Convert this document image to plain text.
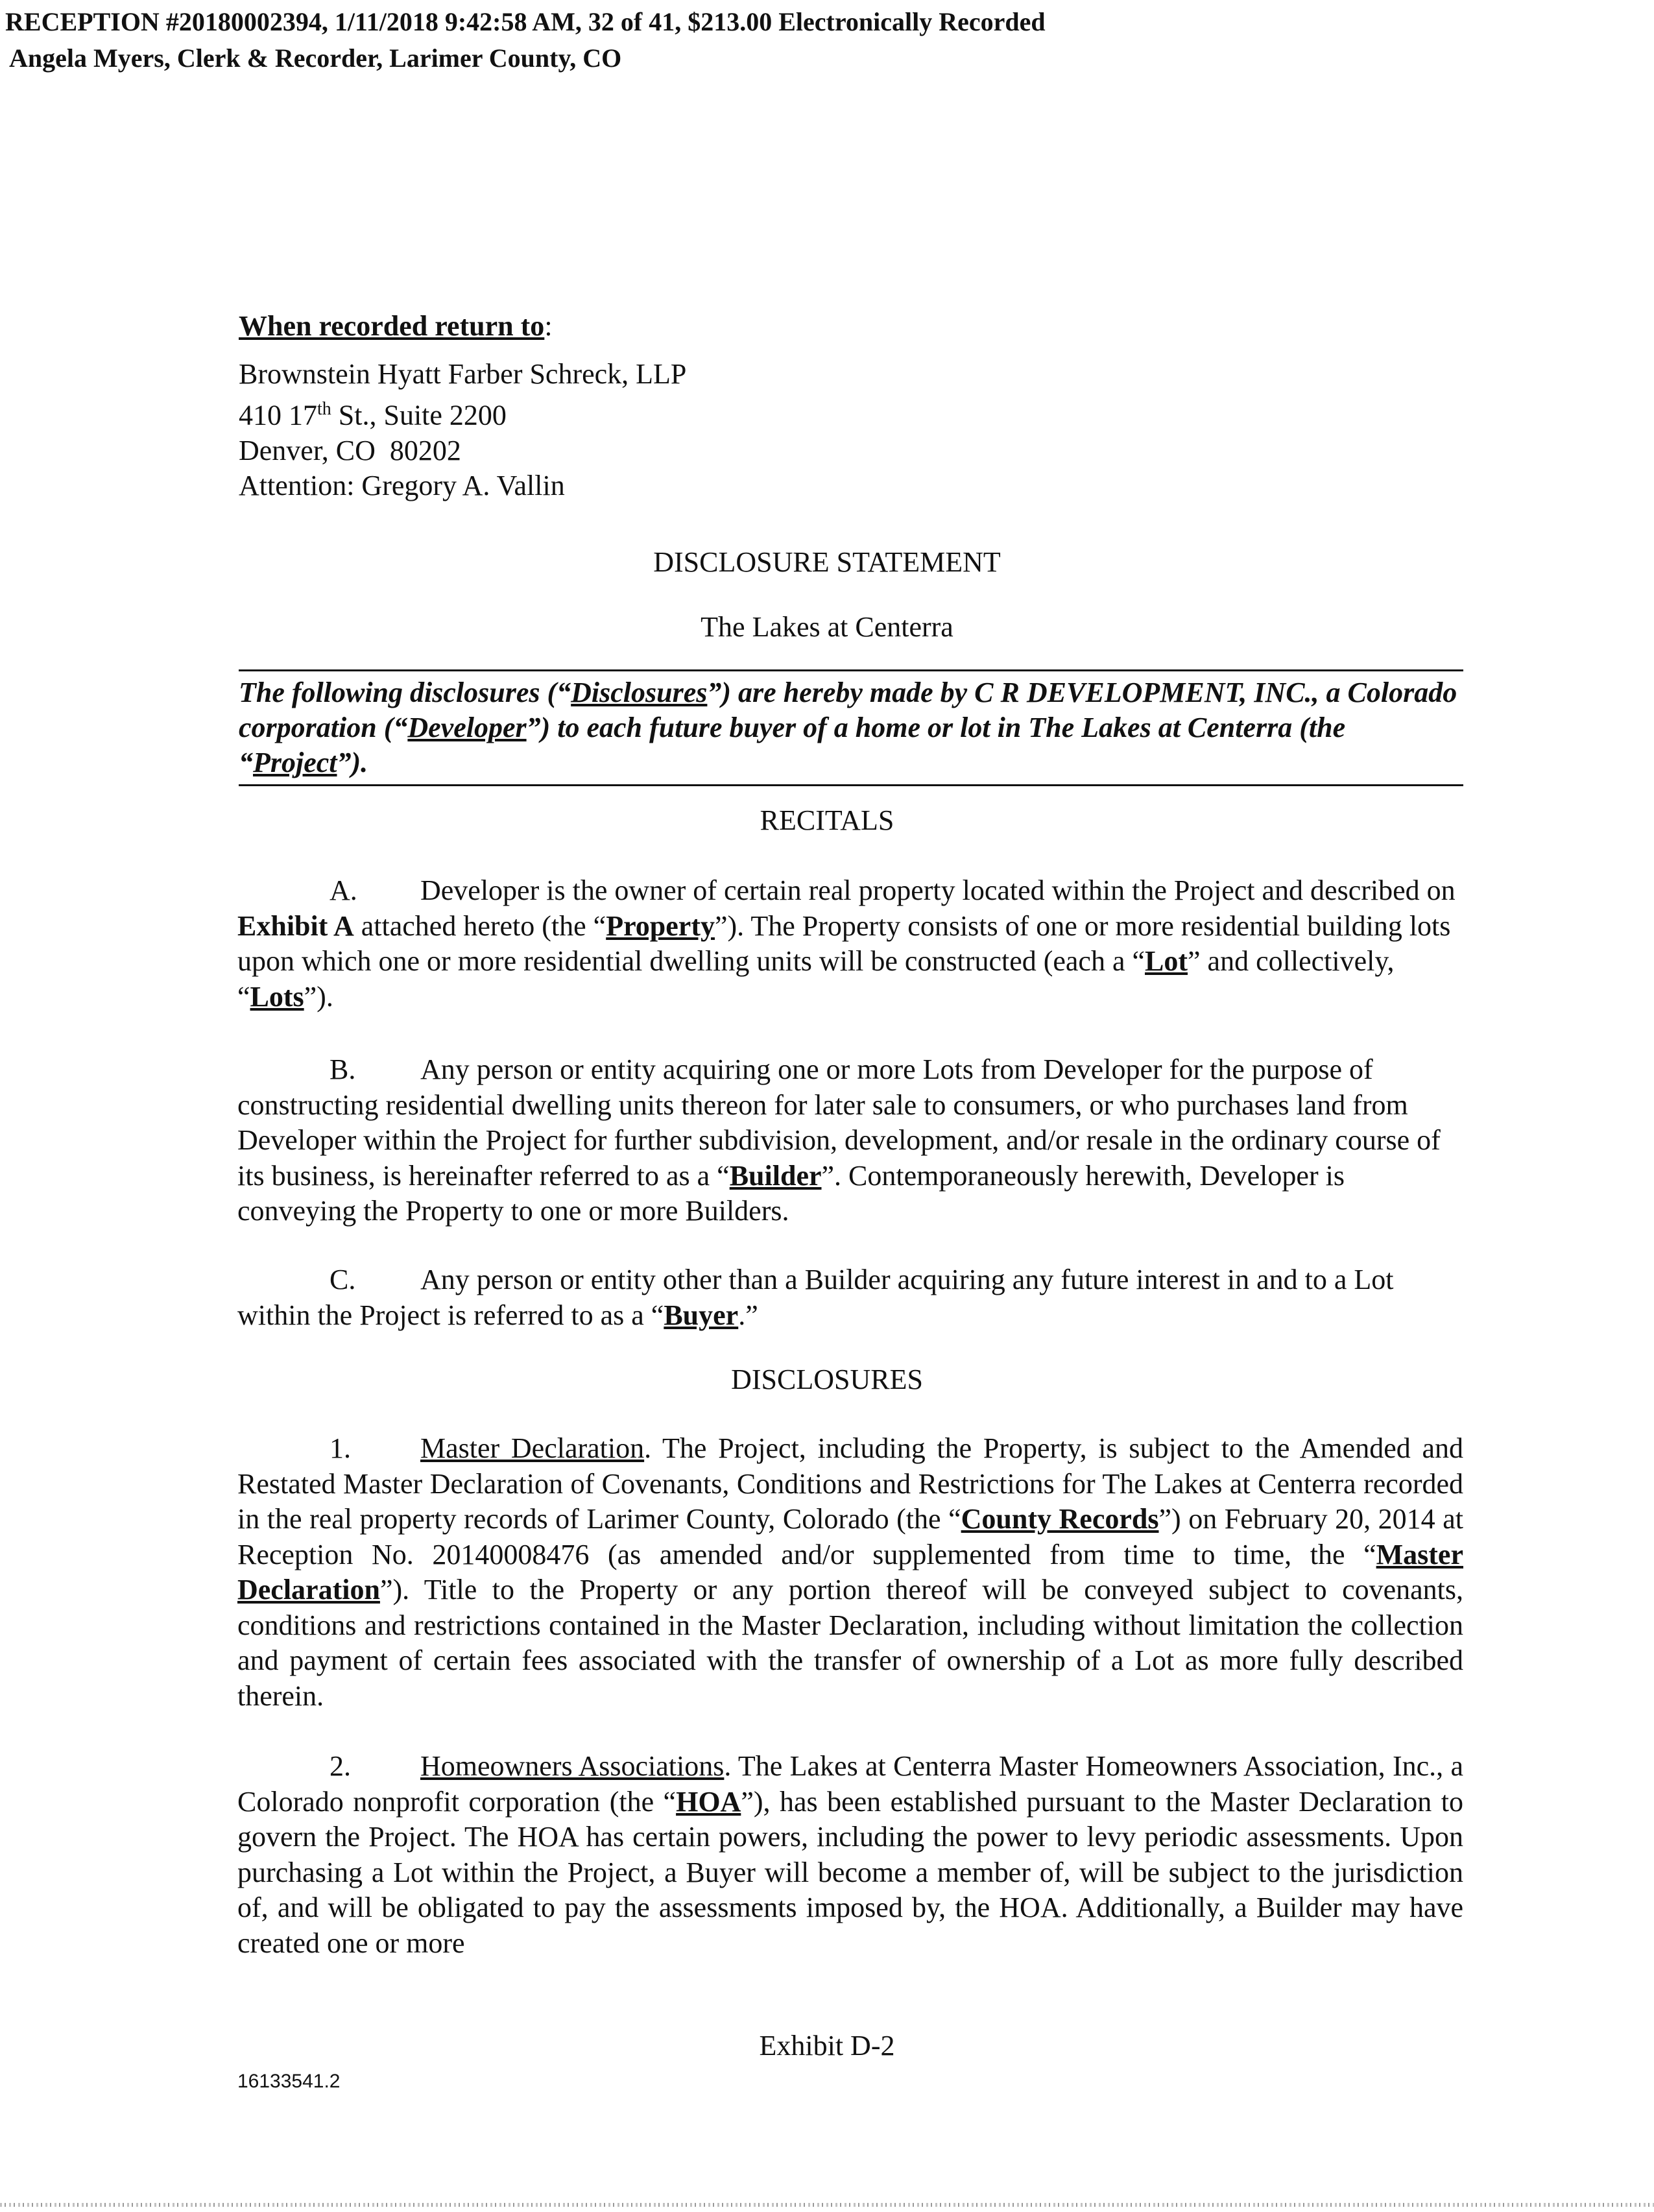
RECEPTION #20180002394, 1/11/2018 9:42:58 AM, 32 of 41, $213.00 Electronically Recorded
Angela Myers, Clerk & Recorder, Larimer County, CO
When recorded return to:
Brownstein Hyatt Farber Schreck, LLP
410 17th St., Suite 2200
Denver, CO  80202
Attention: Gregory A. Vallin
DISCLOSURE STATEMENT
The Lakes at Centerra
The following disclosures (“Disclosures”) are hereby made by C R DEVELOPMENT, INC., a Colorado corporation (“Developer”) to each future buyer of a home or lot in The Lakes at Centerra (the “Project”).
RECITALS
A. Developer is the owner of certain real property located within the Project and described on Exhibit A attached hereto (the “Property”). The Property consists of one or more residential building lots upon which one or more residential dwelling units will be constructed (each a “Lot” and collectively, “Lots”).
B. Any person or entity acquiring one or more Lots from Developer for the purpose of constructing residential dwelling units thereon for later sale to consumers, or who purchases land from Developer within the Project for further subdivision, development, and/or resale in the ordinary course of its business, is hereinafter referred to as a “Builder”. Contemporaneously herewith, Developer is conveying the Property to one or more Builders.
C. Any person or entity other than a Builder acquiring any future interest in and to a Lot within the Project is referred to as a “Buyer.”
DISCLOSURES
1. Master Declaration. The Project, including the Property, is subject to the Amended and Restated Master Declaration of Covenants, Conditions and Restrictions for The Lakes at Centerra recorded in the real property records of Larimer County, Colorado (the “County Records”) on February 20, 2014 at Reception No. 20140008476 (as amended and/or supplemented from time to time, the “Master Declaration”). Title to the Property or any portion thereof will be conveyed subject to covenants, conditions and restrictions contained in the Master Declaration, including without limitation the collection and payment of certain fees associated with the transfer of ownership of a Lot as more fully described therein.
2. Homeowners Associations. The Lakes at Centerra Master Homeowners Association, Inc., a Colorado nonprofit corporation (the “HOA”), has been established pursuant to the Master Declaration to govern the Project. The HOA has certain powers, including the power to levy periodic assessments. Upon purchasing a Lot within the Project, a Buyer will become a member of, will be subject to the jurisdiction of, and will be obligated to pay the assessments imposed by, the HOA. Additionally, a Builder may have created one or more
Exhibit D-2
16133541.2
